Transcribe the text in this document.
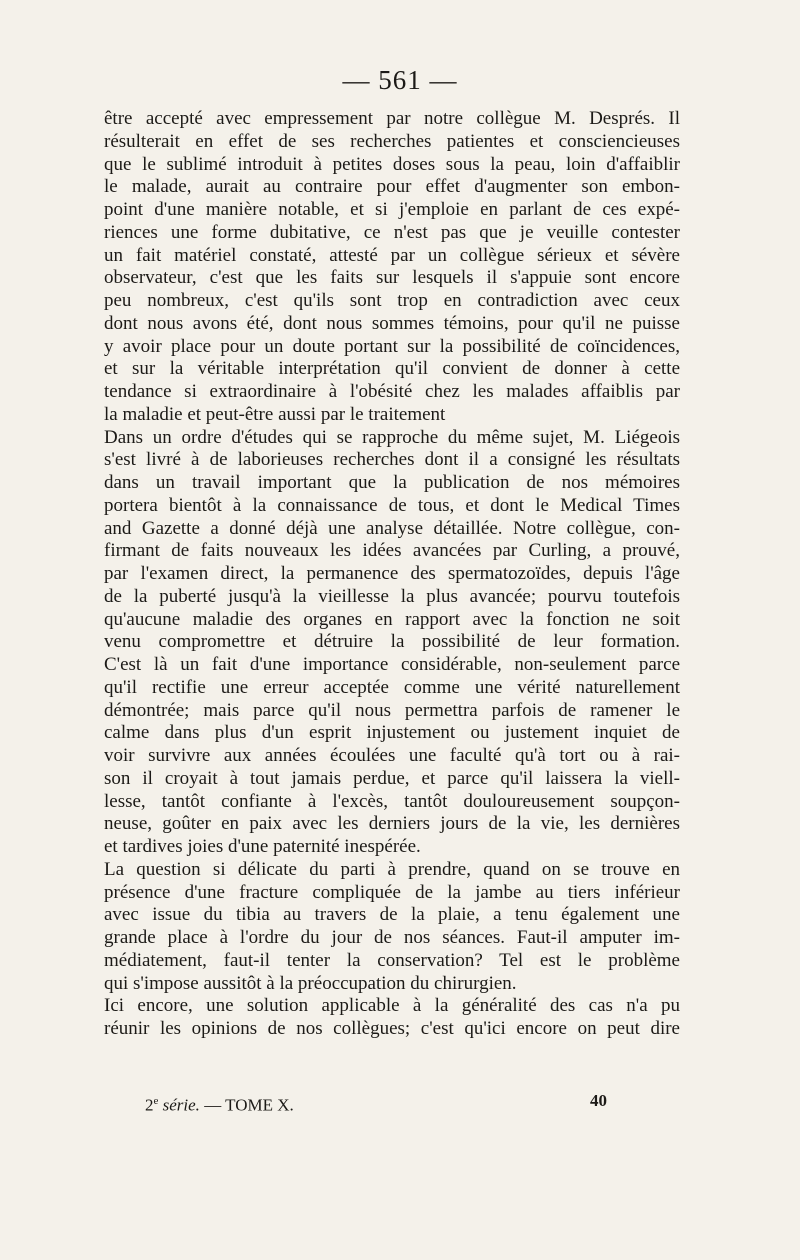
— 561 —
être accepté avec empressement par notre collègue M. Després. Il
résulterait en effet de ses recherches patientes et consciencieuses
que le sublimé introduit à petites doses sous la peau, loin d'affaiblir
le malade, aurait au contraire pour effet d'augmenter son embon-
point d'une manière notable, et si j'emploie en parlant de ces expé-
riences une forme dubitative, ce n'est pas que je veuille contester
un fait matériel constaté, attesté par un collègue sérieux et sévère
observateur, c'est que les faits sur lesquels il s'appuie sont encore
peu nombreux, c'est qu'ils sont trop en contradiction avec ceux
dont nous avons été, dont nous sommes témoins, pour qu'il ne puisse
y avoir place pour un doute portant sur la possibilité de coïncidences,
et sur la véritable interprétation qu'il convient de donner à cette
tendance si extraordinaire à l'obésité chez les malades affaiblis par
la maladie et peut-être aussi par le traitement
Dans un ordre d'études qui se rapproche du même sujet, M. Liégeois
s'est livré à de laborieuses recherches dont il a consigné les résultats
dans un travail important que la publication de nos mémoires
portera bientôt à la connaissance de tous, et dont le Medical Times
and Gazette a donné déjà une analyse détaillée. Notre collègue, con-
firmant de faits nouveaux les idées avancées par Curling, a prouvé,
par l'examen direct, la permanence des spermatozoïdes, depuis l'âge
de la puberté jusqu'à la vieillesse la plus avancée; pourvu toutefois
qu'aucune maladie des organes en rapport avec la fonction ne soit
venu compromettre et détruire la possibilité de leur formation.
C'est là un fait d'une importance considérable, non-seulement parce
qu'il rectifie une erreur acceptée comme une vérité naturellement
démontrée; mais parce qu'il nous permettra parfois de ramener le
calme dans plus d'un esprit injustement ou justement inquiet de
voir survivre aux années écoulées une faculté qu'à tort ou à rai-
son il croyait à tout jamais perdue, et parce qu'il laissera la viell-
lesse, tantôt confiante à l'excès, tantôt douloureusement soupçon-
neuse, goûter en paix avec les derniers jours de la vie, les dernières
et tardives joies d'une paternité inespérée.
La question si délicate du parti à prendre, quand on se trouve en
présence d'une fracture compliquée de la jambe au tiers inférieur
avec issue du tibia au travers de la plaie, a tenu également une
grande place à l'ordre du jour de nos séances. Faut-il amputer im-
médiatement, faut-il tenter la conservation? Tel est le problème
qui s'impose aussitôt à la préoccupation du chirurgien.
Ici encore, une solution applicable à la généralité des cas n'a pu
réunir les opinions de nos collègues; c'est qu'ici encore on peut dire
2e série. — TOME X.	40
